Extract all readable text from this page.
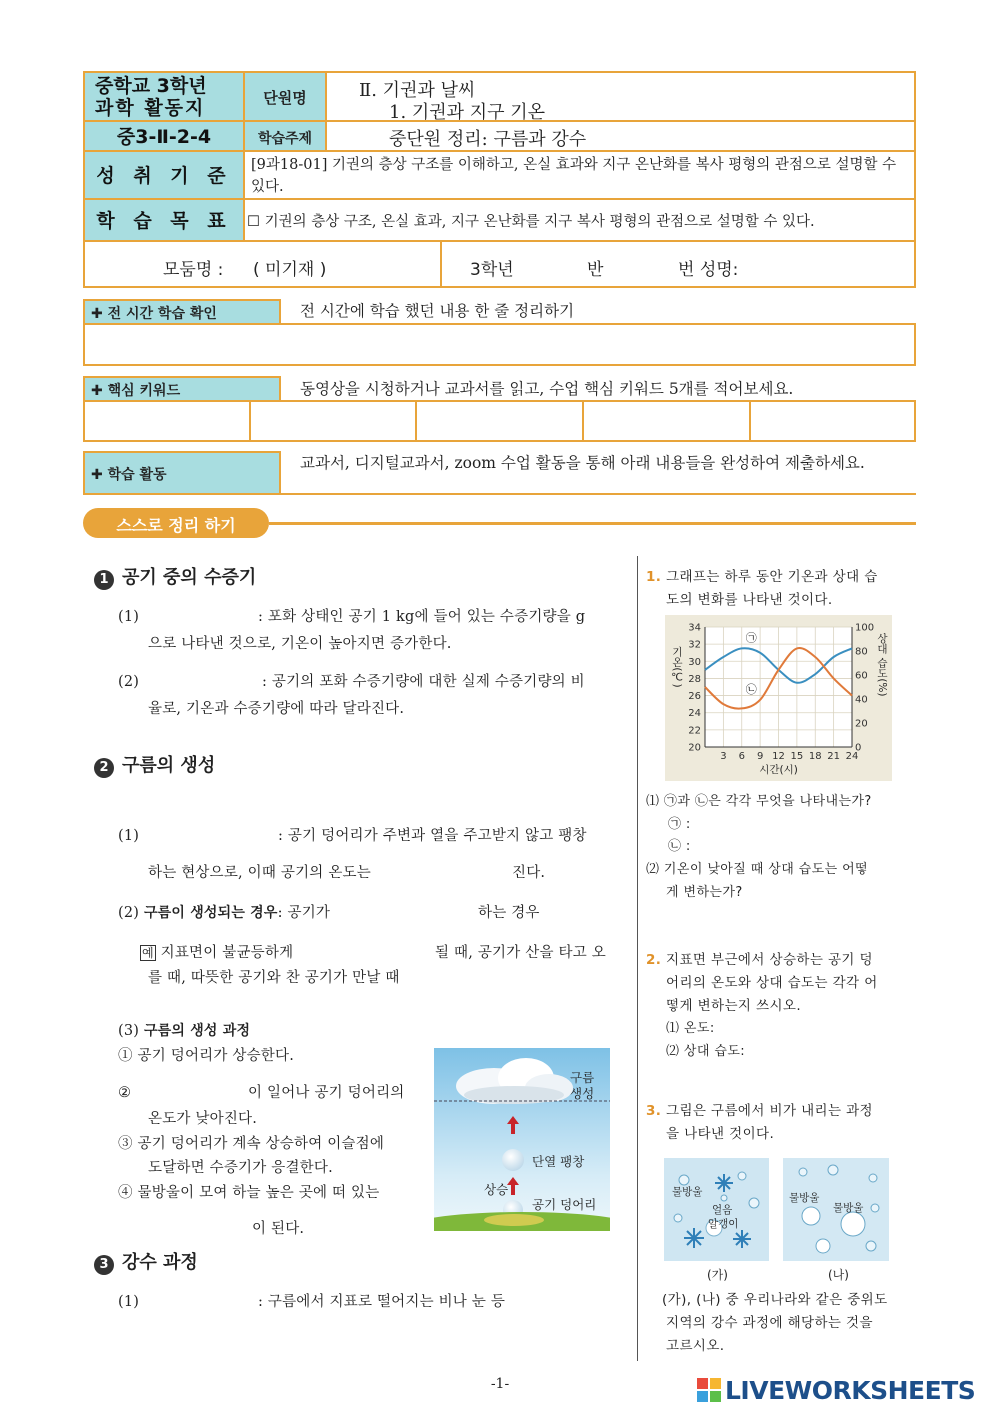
중학교 3학년
과학 활동지	단원명	Ⅱ. 기권과 날씨
1. 기권과 지구 기온
중3-Ⅱ-2-4	학습주제	중단원 정리: 구름과 강수
성 취 기 준	[9과18-01] 기권의 층상 구조를 이해하고, 온실 효과와 지구 온난화를 복사 평형의 관점으로 설명할 수 있다.
학 습 목 표	☐ 기권의 층상 구조, 온실 효과, 지구 온난화를 지구 복사 평형의 관점으로 설명할 수 있다.
모둠명 : ( 미기재 )	3학년	반	번 성명:
✚ 전 시간 학습 확인	전 시간에 학습 했던 내용 한 줄 정리하기
✚ 핵심 키워드	동영상을 시청하거나 교과서를 읽고, 수업 핵심 키워드 5개를 적어보세요.
✚ 학습 활동
교과서, 디지털교과서, zoom 수업 활동을 통해 아래 내용들을 완성하여 제출하세요.
스스로 정리 하기
1 공기 중의 수증기
(1)	: 포화 상태인 공기 1 kg에 들어 있는 수증기량을 g
으로 나타낸 것으로, 기온이 높아지면 증가한다.
(2)	: 공기의 포화 수증기량에 대한 실제 수증기량의 비
율로, 기온과 수증기량에 따라 달라진다.
2 구름의 생성
(1)	: 공기 덩어리가 주변과 열을 주고받지 않고 팽창
하는 현상으로, 이때 공기의 온도는	진다.
(2) 구름이 생성되는 경우: 공기가	하는 경우
예 지표면이 불균등하게	될 때, 공기가 산을 타고 오
를 때, 따뜻한 공기와 찬 공기가 만날 때
(3) 구름의 생성 과정
① 공기 덩어리가 상승한다.
②	이 일어나 공기 덩어리의
온도가 낮아진다.
③ 공기 덩어리가 계속 상승하여 이슬점에
도달하면 수증기가 응결한다.
④ 물방울이 모여 하늘 높은 곳에 떠 있는
이 된다.
구름 생성
단열 팽창
상승
공기 덩어리
3 강수 과정
(1)	: 구름에서 지표로 떨어지는 비나 눈 등
1. 그래프는 하루 동안 기온과 상대 습
도의 변화를 나타낸 것이다.
20
22
24
26
28
30
32
34
3 6 9 12 15 18 21 24
0
20
40
60
80
100
㉠
㉡
시간(시)
기온(℃)	상대 습도(%)
⑴ ㉠과 ㉡은 각각 무엇을 나타내는가?
㉠ :
㉡ :
⑵ 기온이 낮아질 때 상대 습도는 어떻
게 변하는가?
2. 지표면 부근에서 상승하는 공기 덩
어리의 온도와 상대 습도는 각각 어
떻게 변하는지 쓰시오.
⑴ 온도:
⑵ 상대 습도:
3. 그림은 구름에서 비가 내리는 과정
을 나타낸 것이다.
물방울
얼음
알갱이
(가)
물방울
물방울
(나)
(가), (나) 중 우리나라와 같은 중위도
지역의 강수 과정에 해당하는 것을
고르시오.
-1-	LIVEWORKSHEETS
